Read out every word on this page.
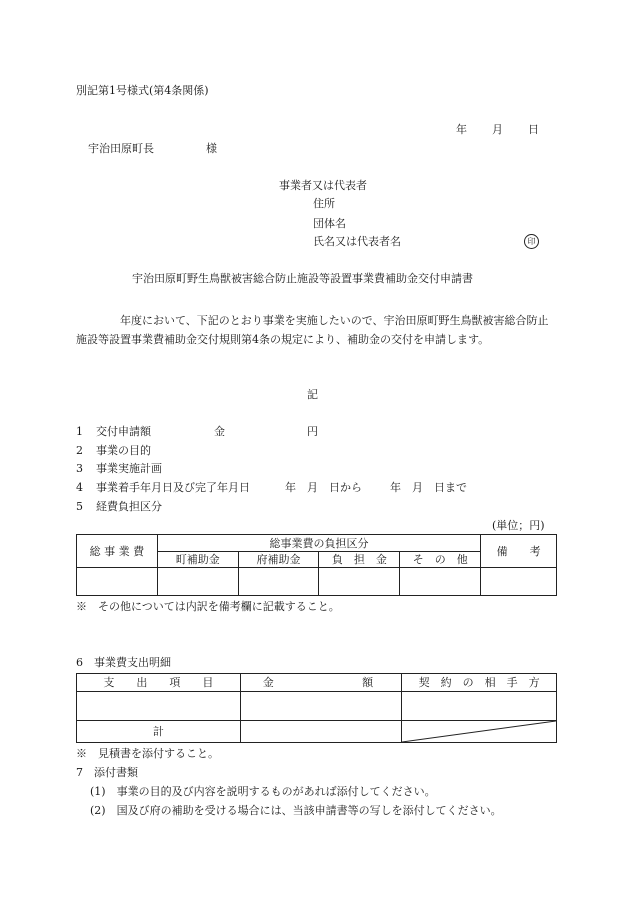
別記第1号様式(第4条関係)
年 月 日
宇治田原町長	様
事業者又は代表者
住所
団体名
氏名又は代表者名	印
宇治田原町野生鳥獣被害総合防止施設等設置事業費補助金交付申請書
　　　　年度において、下記のとおり事業を実施したいので、宇治田原町野生鳥獣被害総合防止施設等設置事業費補助金交付規則第4条の規定により、補助金の交付を申請します。
記
1 交付申請額	金	円
2 事業の目的
3 事業実施計画
4 事業着手年月日及び完了年月日	年　月　日から	年　月　日まで
5 経費負担区分
(単位；円)
総 事 業 費	総事業費の負担区分				備　　考
	町補助金	府補助金	負　担　金	そ　の　他	

※　その他については内訳を備考欄に記載すること。
6　事業費支出明細
支　　出　　項　　目	金 額	契　約　の　相　手　方

計		
※　見積書を添付すること。
7　添付書類
(1)　事業の目的及び内容を説明するものがあれば添付してください。
(2)　国及び府の補助を受ける場合には、当該申請書等の写しを添付してください。
